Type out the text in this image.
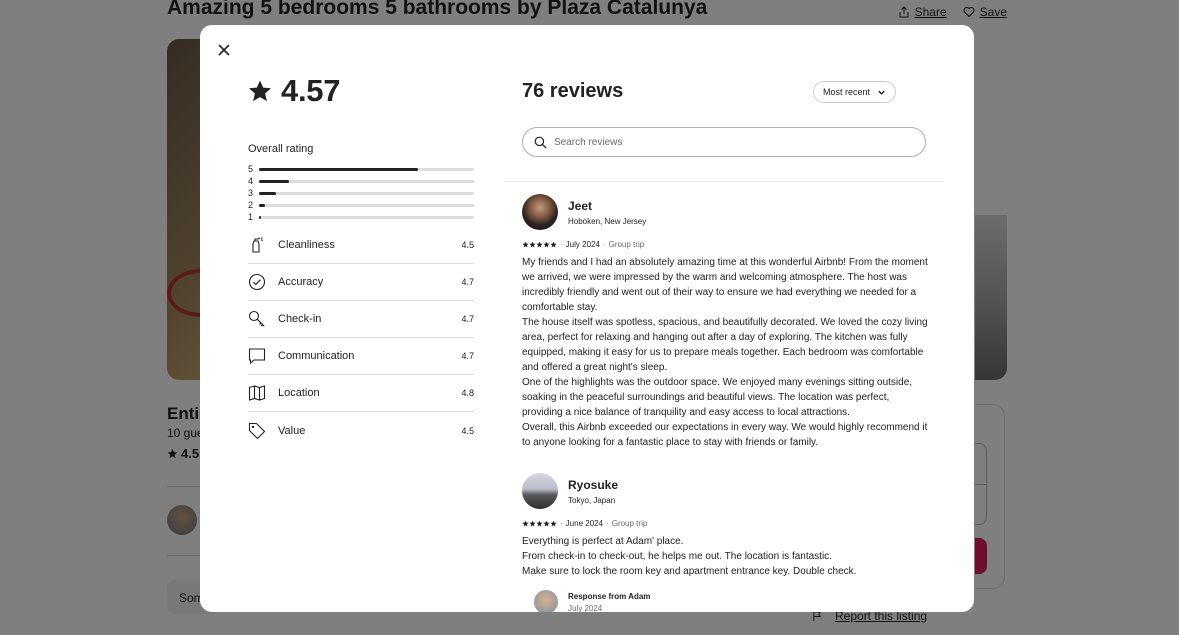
4.57
Overall rating
5
4
3
2
1
Cleanliness	4.5
Accuracy	4.7
Check-in	4.7
Communication	4.7
Location	4.8
Value	4.5
76 reviews	Most recent
Search reviews
Jeet
Hoboken, New Jersey
· July 2024 · Group trip

My friends and I had an absolutely amazing time at this wonderful Airbnb! From the moment we arrived, we were impressed by the warm and welcoming atmosphere. The host was incredibly friendly and went out of their way to ensure we had everything we needed for a comfortable stay.

The house itself was spotless, spacious, and beautifully decorated. We loved the cozy living area, perfect for relaxing and hanging out after a day of exploring. The kitchen was fully equipped, making it easy for us to prepare meals together. Each bedroom was comfortable and offered a great night's sleep.

One of the highlights was the outdoor space. We enjoyed many evenings sitting outside, soaking in the peaceful surroundings and beautiful views. The location was perfect, providing a nice balance of tranquility and easy access to local attractions.

Overall, this Airbnb exceeded our expectations in every way. We would highly recommend it to anyone looking for a fantastic place to stay with friends or family.

Ryosuke
Tokyo, Japan
· June 2024 · Group trip

Everything is perfect at Adam' place.

From check-in to check-out, he helps me out. The location is fantastic.

Make sure to lock the room key and apartment entrance key. Double check.

Response from Adam
July 2024
